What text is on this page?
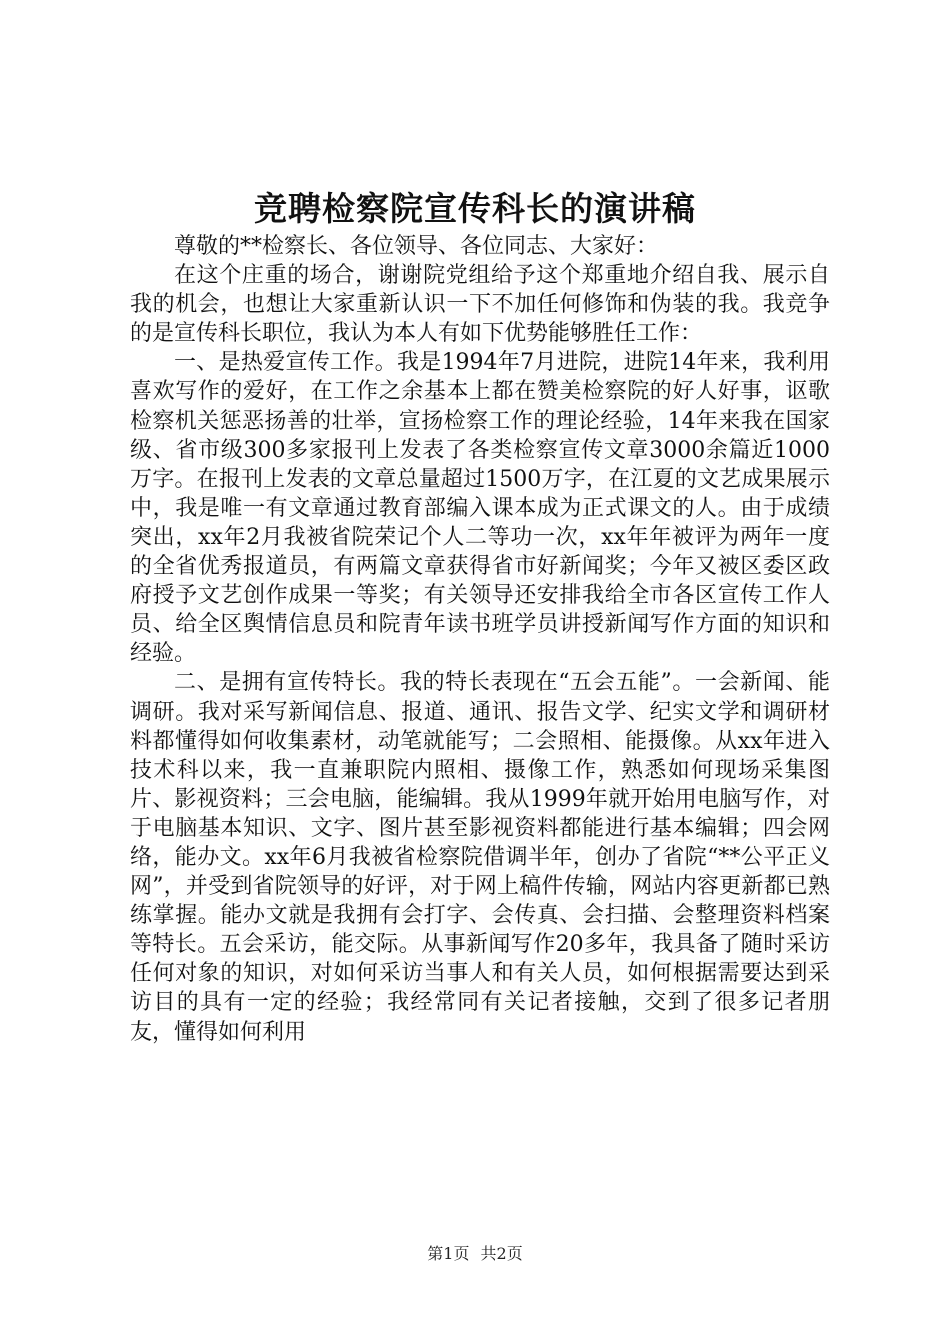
竞聘检察院宣传科长的演讲稿

尊敬的**检察长、各位领导、各位同志、大家好：

在这个庄重的场合，谢谢院党组给予这个郑重地介绍自我、展示自我的机会，也想让大家重新认识一下不加任何修饰和伪装的我。我竞争的是宣传科长职位，我认为本人有如下优势能够胜任工作：

一、是热爱宣传工作。我是1994年7月进院，进院14年来，我利用喜欢写作的爱好，在工作之余基本上都在赞美检察院的好人好事，讴歌检察机关惩恶扬善的壮举，宣扬检察工作的理论经验，14年来我在国家级、省市级300多家报刊上发表了各类检察宣传文章3000余篇近1000万字。在报刊上发表的文章总量超过1500万字，在江夏的文艺成果展示中，我是唯一有文章通过教育部编入课本成为正式课文的人。由于成绩突出，xx年2月我被省院荣记个人二等功一次，xx年年被评为两年一度的全省优秀报道员，有两篇文章获得省市好新闻奖；今年又被区委区政府授予文艺创作成果一等奖；有关领导还安排我给全市各区宣传工作人员、给全区舆情信息员和院青年读书班学员讲授新闻写作方面的知识和经验。

二、是拥有宣传特长。我的特长表现在“五会五能”。一会新闻、能调研。我对采写新闻信息、报道、通讯、报告文学、纪实文学和调研材料都懂得如何收集素材，动笔就能写；二会照相、能摄像。从xx年进入技术科以来，我一直兼职院内照相、摄像工作，熟悉如何现场采集图片、影视资料；三会电脑，能编辑。我从1999年就开始用电脑写作，对于电脑基本知识、文字、图片甚至影视资料都能进行基本编辑；四会网络，能办文。xx年6月我被省检察院借调半年，创办了省院“**公平正义网”，并受到省院领导的好评，对于网上稿件传输，网站内容更新都已熟练掌握。能办文就是我拥有会打字、会传真、会扫描、会整理资料档案等特长。五会采访，能交际。从事新闻写作20多年，我具备了随时采访任何对象的知识，对如何采访当事人和有关人员，如何根据需要达到采访目的具有一定的经验；我经常同有关记者接触，交到了很多记者朋友，懂得如何利用

第1页 共2页
